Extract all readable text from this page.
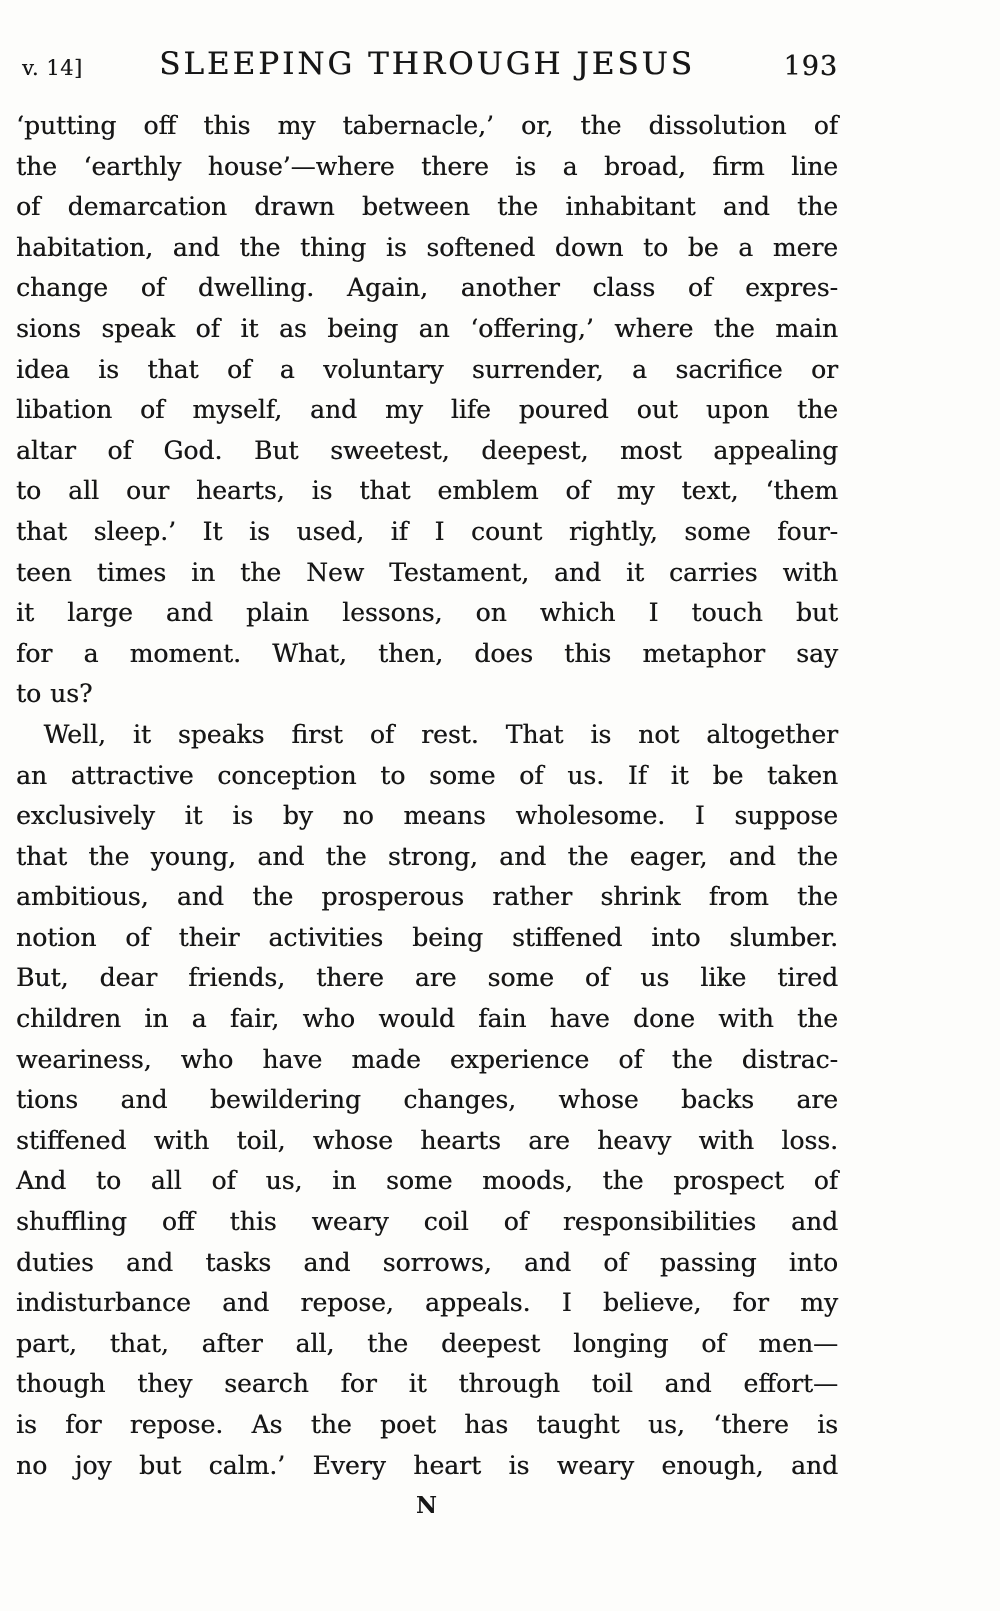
v. 14]	SLEEPING THROUGH JESUS	193
‘putting off this my tabernacle,’ or, the dissolution of
the ‘earthly house’—where there is a broad, firm line
of demarcation drawn between the inhabitant and the
habitation, and the thing is softened down to be a mere
change of dwelling. Again, another class of expres-
sions speak of it as being an ‘offering,’ where the main
idea is that of a voluntary surrender, a sacrifice or
libation of myself, and my life poured out upon the
altar of God. But sweetest, deepest, most appealing
to all our hearts, is that emblem of my text, ‘them
that sleep.’ It is used, if I count rightly, some four-
teen times in the New Testament, and it carries with
it large and plain lessons, on which I touch but
for a moment. What, then, does this metaphor say
to us?
Well, it speaks first of rest. That is not altogether
an attractive conception to some of us. If it be taken
exclusively it is by no means wholesome. I suppose
that the young, and the strong, and the eager, and the
ambitious, and the prosperous rather shrink from the
notion of their activities being stiffened into slumber.
But, dear friends, there are some of us like tired
children in a fair, who would fain have done with the
weariness, who have made experience of the distrac-
tions and bewildering changes, whose backs are
stiffened with toil, whose hearts are heavy with loss.
And to all of us, in some moods, the prospect of
shuffling off this weary coil of responsibilities and
duties and tasks and sorrows, and of passing into
indisturbance and repose, appeals. I believe, for my
part, that, after all, the deepest longing of men—
though they search for it through toil and effort—
is for repose. As the poet has taught us, ‘there is
no joy but calm.’ Every heart is weary enough, and
N
